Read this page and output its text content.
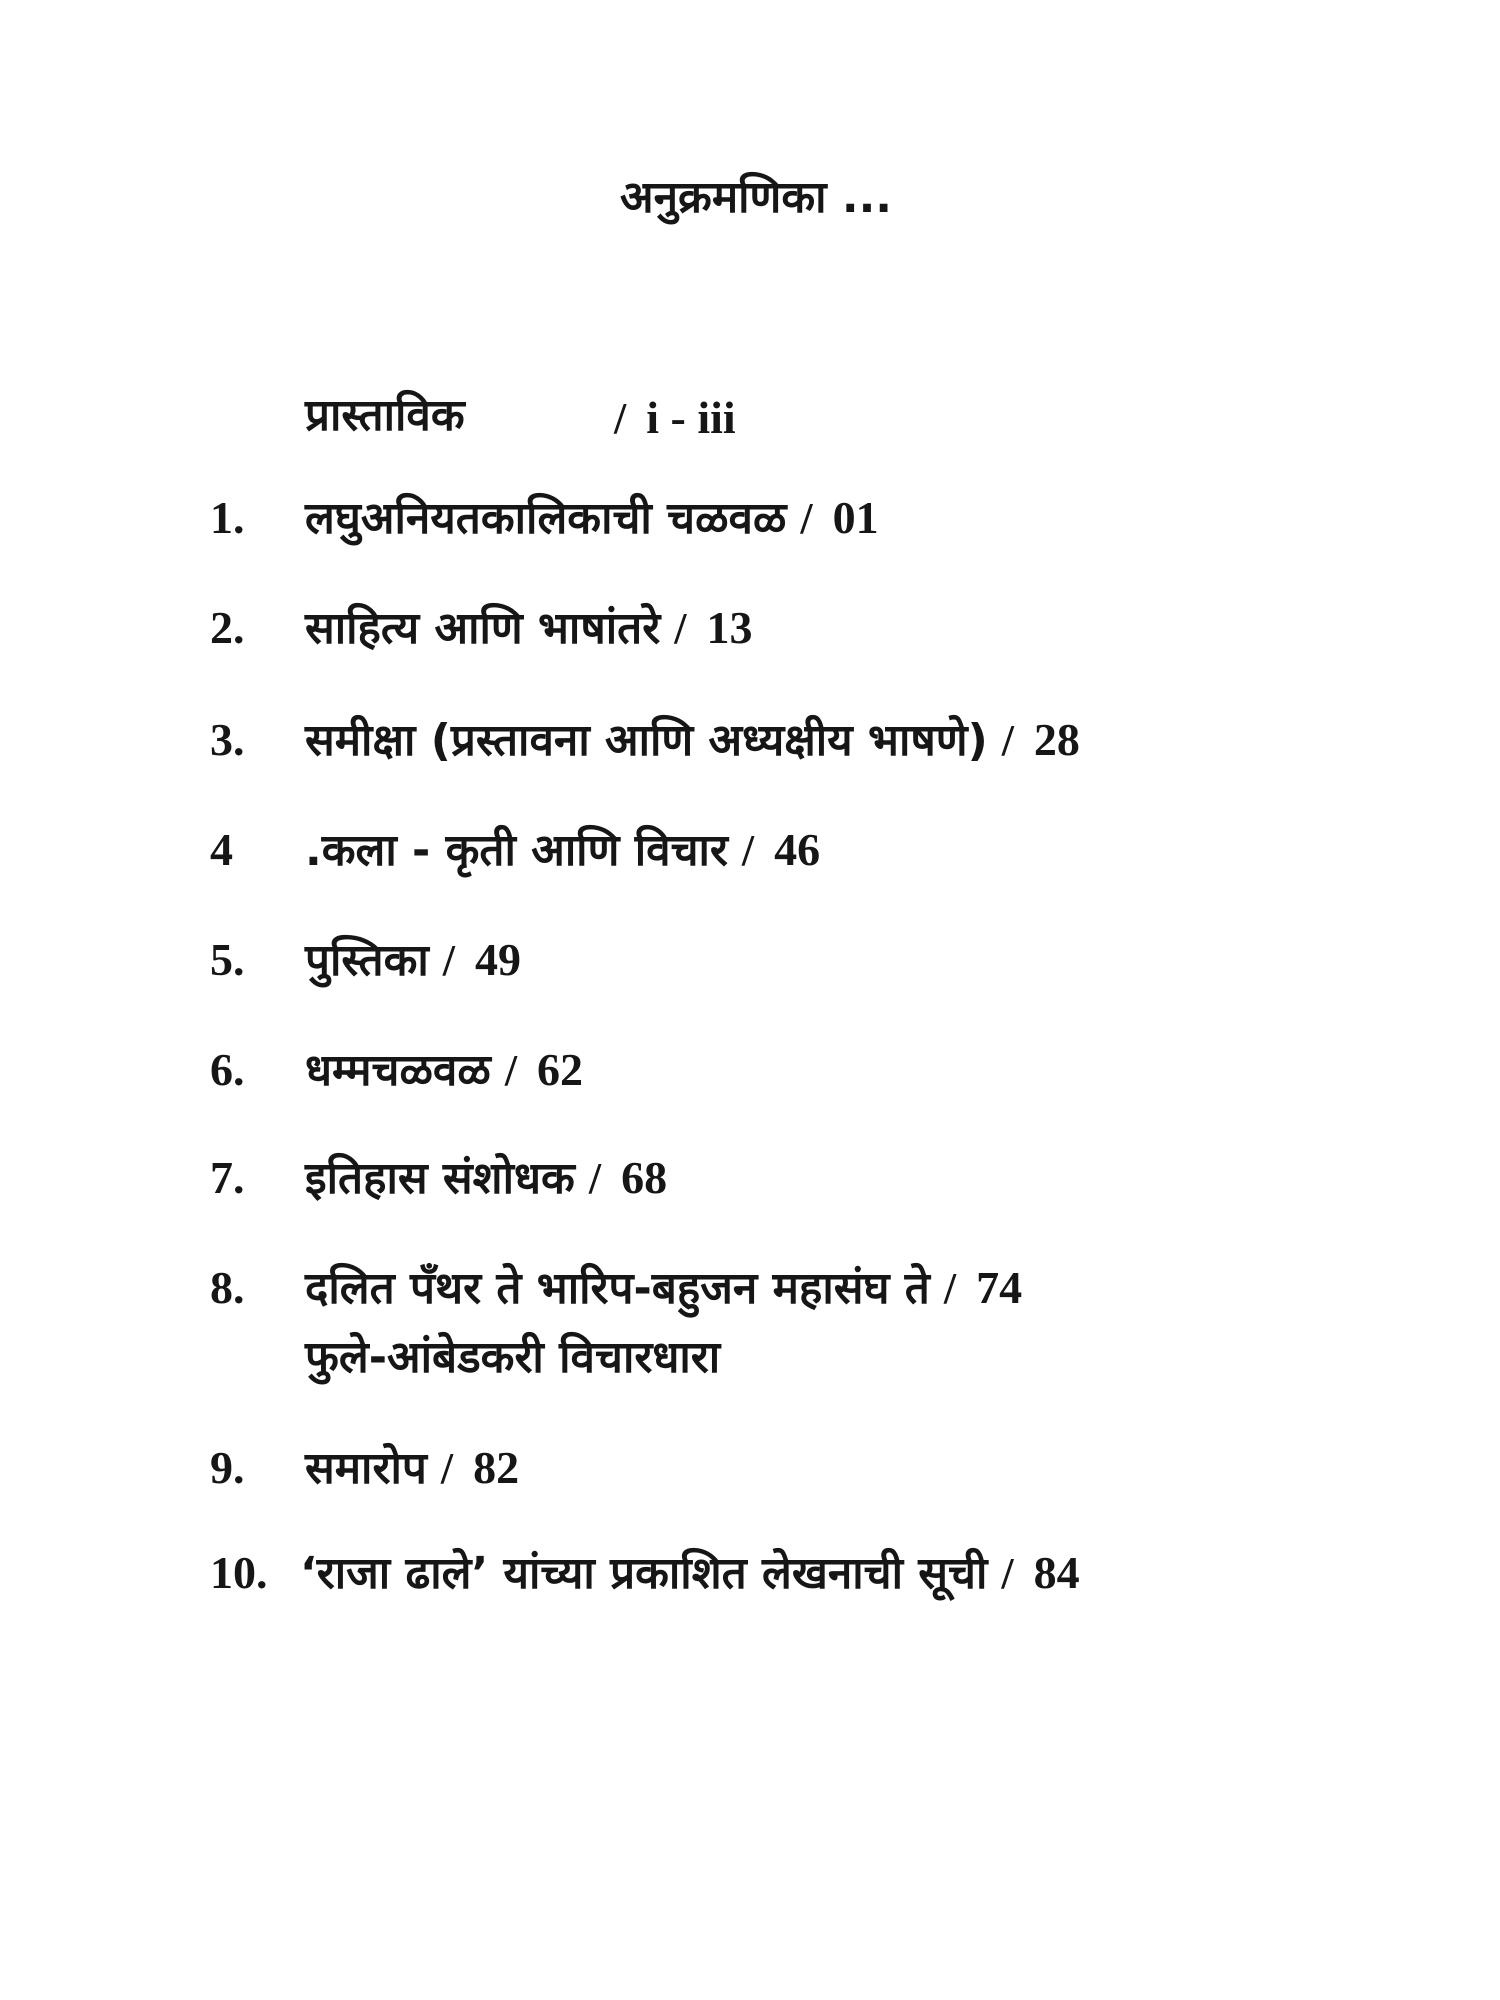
अनुक्रमणिका ...
प्रास्ताविक	/ i - iii
1. लघुअनियतकालिकाची चळवळ / 01
2. साहित्य आणि भाषांतरे / 13
3. समीक्षा (प्रस्तावना आणि अध्यक्षीय भाषणे) / 28
4 .कला - कृती आणि विचार / 46
5. पुस्तिका / 49
6. धम्मचळवळ / 62
7. इतिहास संशोधक / 68
8. दलित पँथर ते भारिप-बहुजन महासंघ ते / 74
फुले-आंबेडकरी विचारधारा
9. समारोप / 82
10. ‘राजा ढाले’ यांच्या प्रकाशित लेखनाची सूची / 84
